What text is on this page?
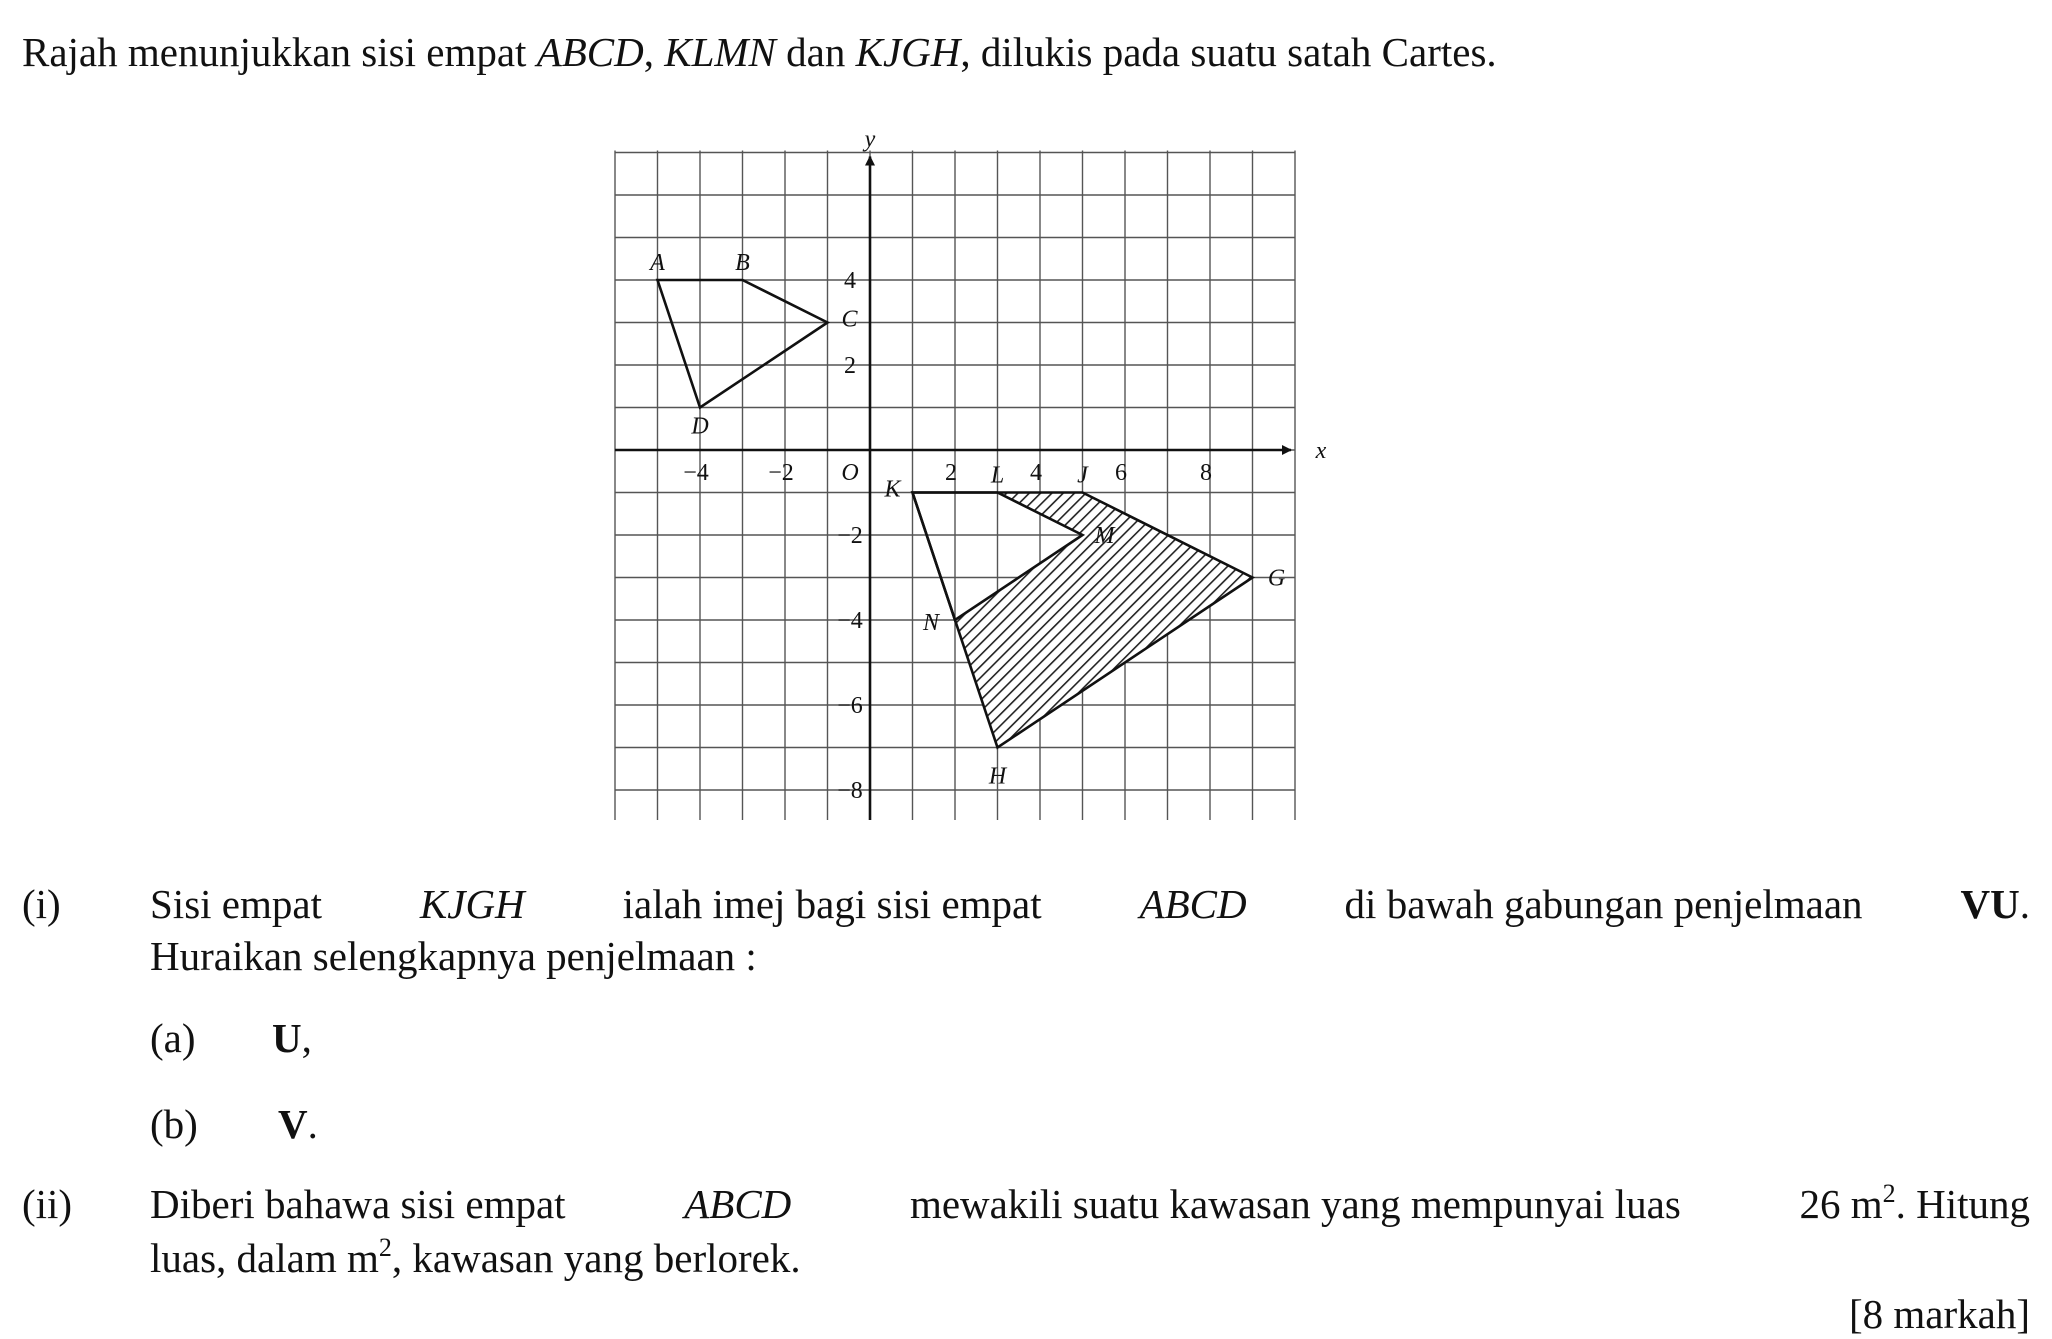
Rajah menunjukkan sisi empat ABCD, KLMN dan KJGH, dilukis pada suatu satah Cartes.
−4 −2	2	4	6	8
4
2
−2
−4
−6
−8
O
x
y
A	B
C
D
K
L
M
N
J
G
H
(i) Sisi empat KJGH ialah imej bagi sisi empat ABCD di bawah gabungan penjelmaan VU.
Huraikan selengkapnya penjelmaan :
(a) U,
(b) V.
(ii) Diberi bahawa sisi empat	ABCD	mewakili suatu kawasan yang mempunyai luas	26 $m^2$. Hitung
luas, dalam $m^2$, kawasan yang berlorek.
[8 markah]
